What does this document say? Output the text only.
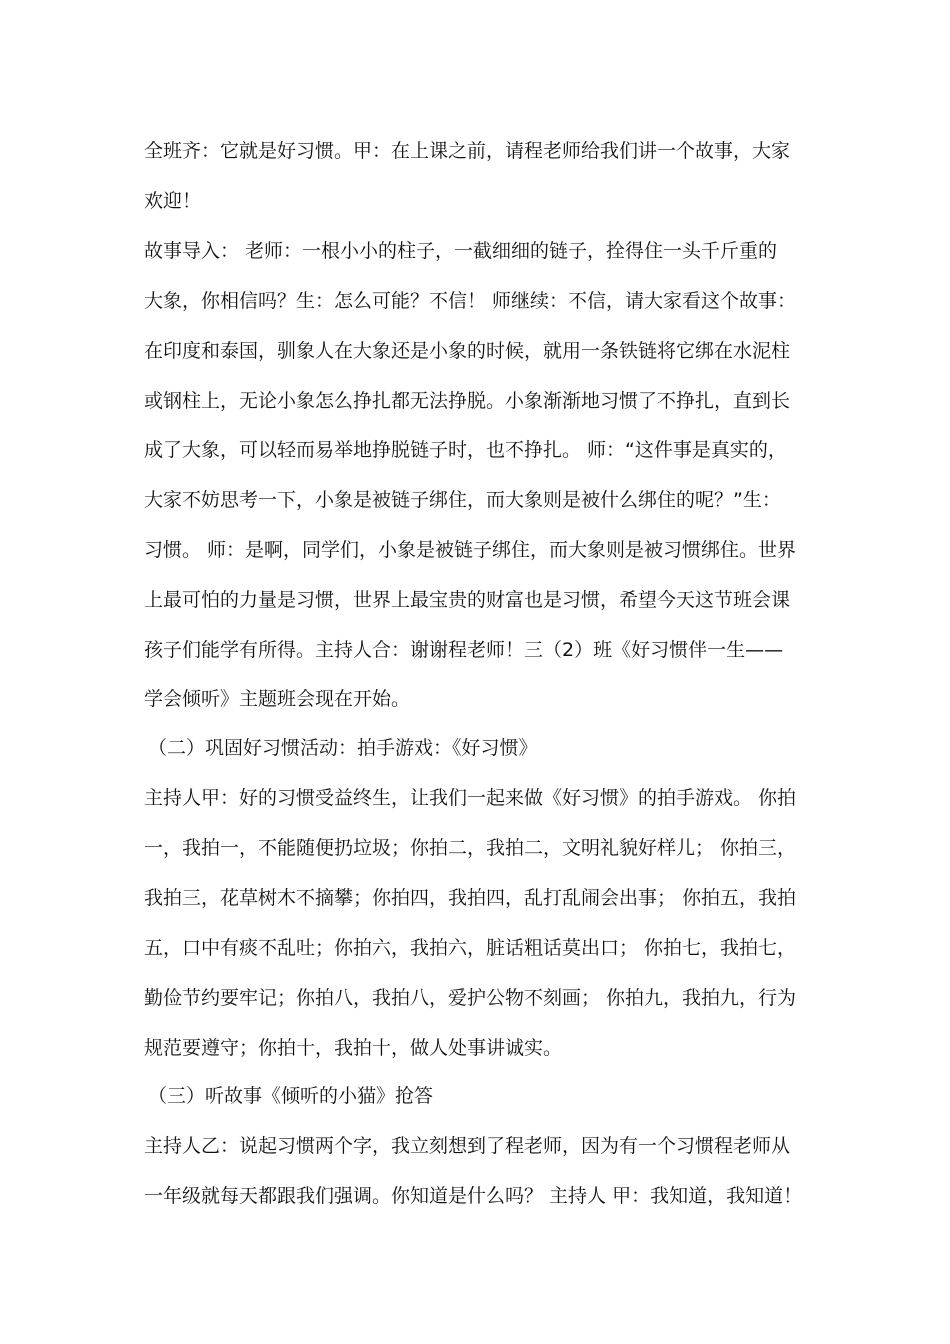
全班齐：它就是好习惯。甲：在上课之前，请程老师给我们讲一个故事，大家

欢迎！

故事导入： 老师：一根小小的柱子，一截细细的链子，拴得住一头千斤重的

大象，你相信吗？生：怎么可能？不信！ 师继续：不信，请大家看这个故事：

在印度和泰国，驯象人在大象还是小象的时候，就用一条铁链将它绑在水泥柱

或钢柱上，无论小象怎么挣扎都无法挣脱。小象渐渐地习惯了不挣扎，直到长

成了大象，可以轻而易举地挣脱链子时，也不挣扎。 师：“这件事是真实的，

大家不妨思考一下，小象是被链子绑住，而大象则是被什么绑住的呢？”生：

习惯。 师：是啊，同学们，小象是被链子绑住，而大象则是被习惯绑住。世界

上最可怕的力量是习惯，世界上最宝贵的财富也是习惯，希望今天这节班会课

孩子们能学有所得。主持人合：谢谢程老师！三（2）班《好习惯伴一生——

学会倾听》主题班会现在开始。

（二）巩固好习惯活动：拍手游戏：《好习惯》

主持人甲：好的习惯受益终生，让我们一起来做《好习惯》的拍手游戏。 你拍

一，我拍一，不能随便扔垃圾；你拍二，我拍二，文明礼貌好样儿； 你拍三，

我拍三，花草树木不摘攀；你拍四，我拍四，乱打乱闹会出事； 你拍五，我拍

五，口中有痰不乱吐；你拍六，我拍六，脏话粗话莫出口； 你拍七，我拍七，

勤俭节约要牢记；你拍八，我拍八，爱护公物不刻画； 你拍九，我拍九，行为

规范要遵守；你拍十，我拍十，做人处事讲诚实。

（三）听故事《倾听的小猫》抢答

主持人乙：说起习惯两个字，我立刻想到了程老师，因为有一个习惯程老师从

一年级就每天都跟我们强调。你知道是什么吗？ 主持人 甲：我知道，我知道！
